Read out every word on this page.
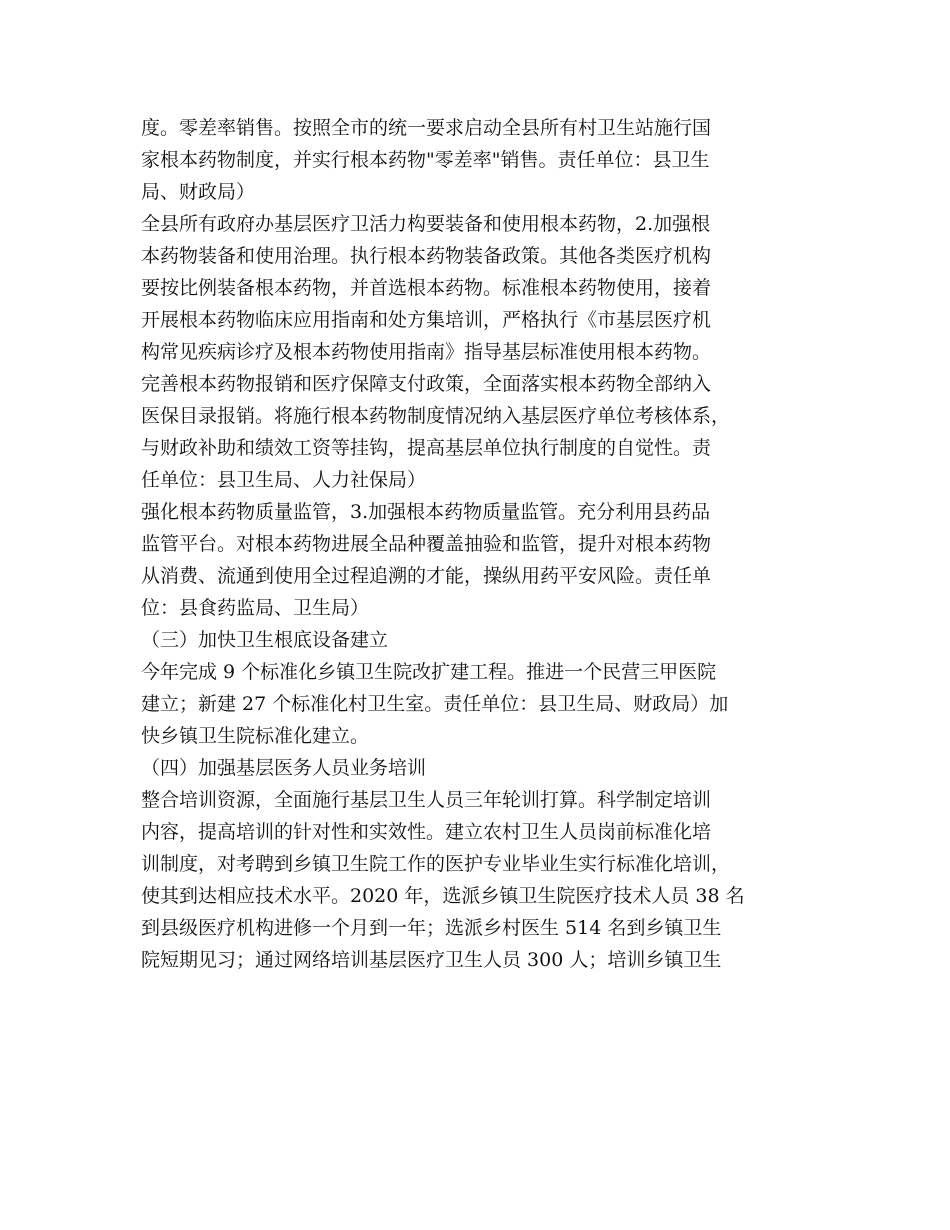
度。零差率销售。按照全市的统一要求启动全县所有村卫生站施行国
家根本药物制度，并实行根本药物"零差率"销售。责任单位：县卫生
局、财政局）
全县所有政府办基层医疗卫活力构要装备和使用根本药物，2.加强根
本药物装备和使用治理。执行根本药物装备政策。其他各类医疗机构
要按比例装备根本药物，并首选根本药物。标准根本药物使用，接着
开展根本药物临床应用指南和处方集培训，严格执行《市基层医疗机
构常见疾病诊疗及根本药物使用指南》指导基层标准使用根本药物。
完善根本药物报销和医疗保障支付政策，全面落实根本药物全部纳入
医保目录报销。将施行根本药物制度情况纳入基层医疗单位考核体系，
与财政补助和绩效工资等挂钩，提高基层单位执行制度的自觉性。责
任单位：县卫生局、人力社保局）
强化根本药物质量监管，3.加强根本药物质量监管。充分利用县药品
监管平台。对根本药物进展全品种覆盖抽验和监管，提升对根本药物
从消费、流通到使用全过程追溯的才能，操纵用药平安风险。责任单
位：县食药监局、卫生局）
（三）加快卫生根底设备建立
今年完成 9 个标准化乡镇卫生院改扩建工程。推进一个民营三甲医院
建立；新建 27 个标准化村卫生室。责任单位：县卫生局、财政局）加
快乡镇卫生院标准化建立。
（四）加强基层医务人员业务培训
整合培训资源，全面施行基层卫生人员三年轮训打算。科学制定培训
内容，提高培训的针对性和实效性。建立农村卫生人员岗前标准化培
训制度，对考聘到乡镇卫生院工作的医护专业毕业生实行标准化培训，
使其到达相应技术水平。2020 年，选派乡镇卫生院医疗技术人员 38 名
到县级医疗机构进修一个月到一年；选派乡村医生 514 名到乡镇卫生
院短期见习；通过网络培训基层医疗卫生人员 300 人；培训乡镇卫生
